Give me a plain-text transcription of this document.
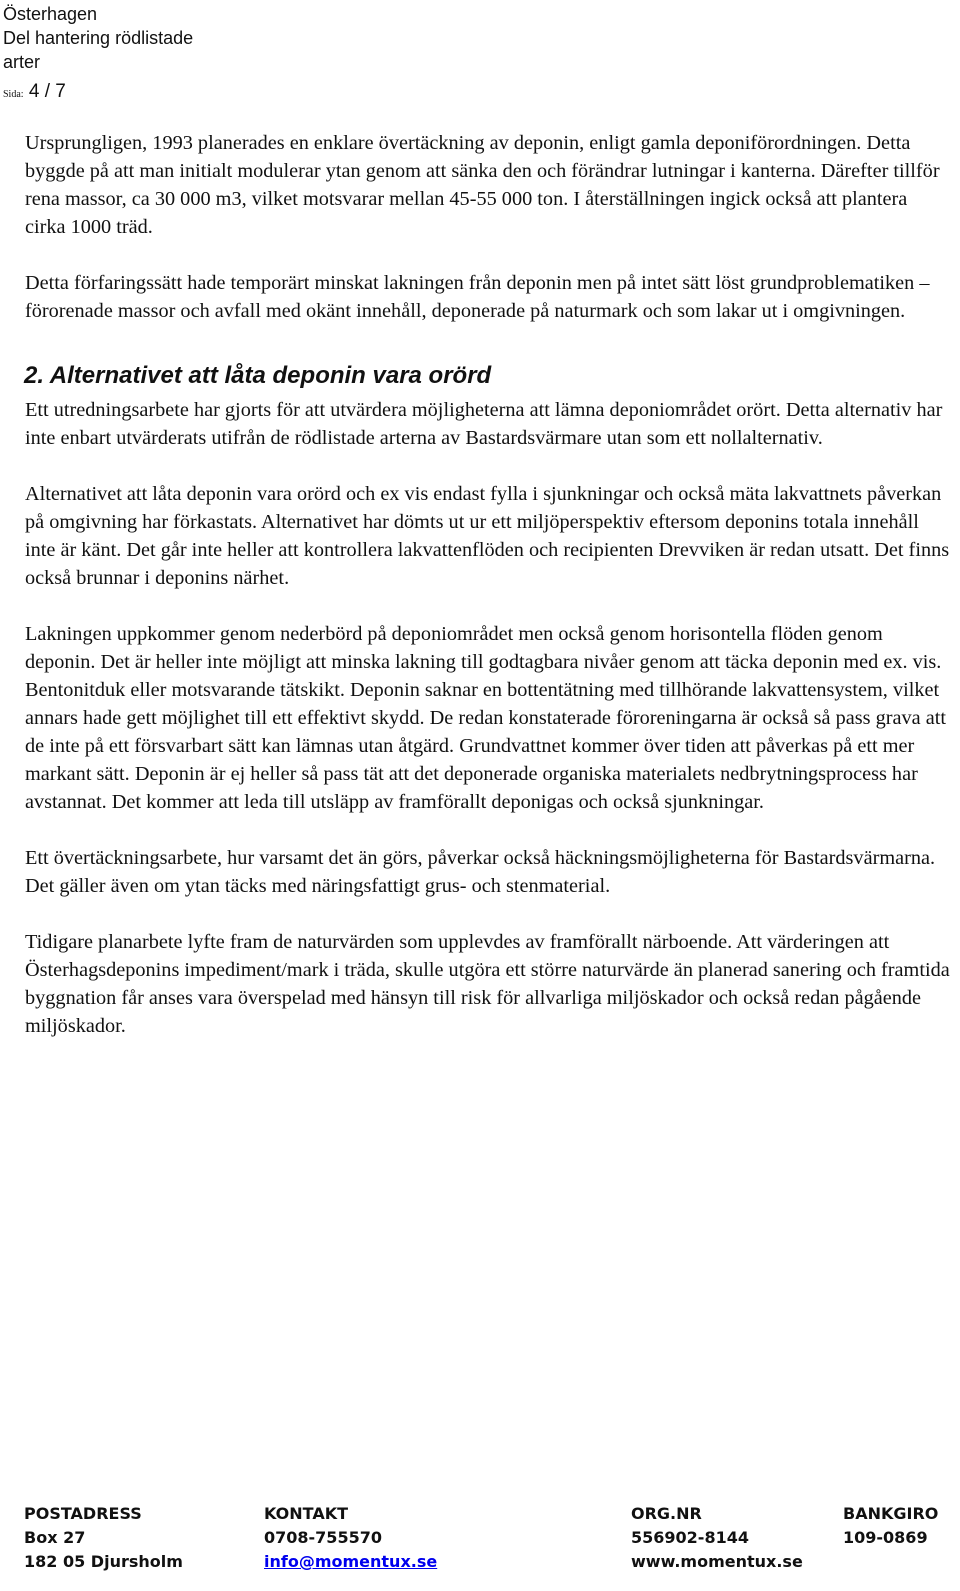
Österhagen
Del hantering rödlistade
arter
Sida: 4 / 7

Ursprungligen, 1993 planerades en enklare övertäckning av deponin, enligt gamla deponiförordningen. Detta byggde på att man initialt modulerar ytan genom att sänka den och förändrar lutningar i kanterna. Därefter tillför rena massor, ca 30 000 m3, vilket motsvarar mellan 45-55 000 ton. I återställningen ingick också att plantera cirka 1000 träd.

Detta förfaringssätt hade temporärt minskat lakningen från deponin men på intet sätt löst grundproblematiken – förorenade massor och avfall med okänt innehåll, deponerade på naturmark och som lakar ut i omgivningen.

2. Alternativet att låta deponin vara orörd

Ett utredningsarbete har gjorts för att utvärdera möjligheterna att lämna deponiområdet orört. Detta alternativ har inte enbart utvärderats utifrån de rödlistade arterna av Bastardsvärmare utan som ett nollalternativ.

Alternativet att låta deponin vara orörd och ex vis endast fylla i sjunkningar och också mäta lakvattnets påverkan på omgivning har förkastats. Alternativet har dömts ut ur ett miljöperspektiv eftersom deponins totala innehåll inte är känt. Det går inte heller att kontrollera lakvattenflöden och recipienten Drevviken är redan utsatt. Det finns också brunnar i deponins närhet.

Lakningen uppkommer genom nederbörd på deponiområdet men också genom horisontella flöden genom deponin. Det är heller inte möjligt att minska lakning till godtagbara nivåer genom att täcka deponin med ex. vis. Bentonitduk eller motsvarande tätskikt. Deponin saknar en bottentätning med tillhörande lakvattensystem, vilket annars hade gett möjlighet till ett effektivt skydd. De redan konstaterade föroreningarna är också så pass grava att de inte på ett försvarbart sätt kan lämnas utan åtgärd. Grundvattnet kommer över tiden att påverkas på ett mer markant sätt. Deponin är ej heller så pass tät att det deponerade organiska materialets nedbrytningsprocess har avstannat. Det kommer att leda till utsläpp av framförallt deponigas och också sjunkningar.

Ett övertäckningsarbete, hur varsamt det än görs, påverkar också häckningsmöjligheterna för Bastardsvärmarna. Det gäller även om ytan täcks med näringsfattigt grus- och stenmaterial.

Tidigare planarbete lyfte fram de naturvärden som upplevdes av framförallt närboende. Att värderingen att Österhagsdeponins impediment/mark i träda, skulle utgöra ett större naturvärde än planerad sanering och framtida byggnation får anses vara överspelad med hänsyn till risk för allvarliga miljöskador och också redan pågående miljöskador.

POSTADRESS
Box 27
182 05 Djursholm
KONTAKT
0708-755570
info@momentux.se
ORG.NR
556902-8144
www.momentux.se
BANKGIRO
109-0869
